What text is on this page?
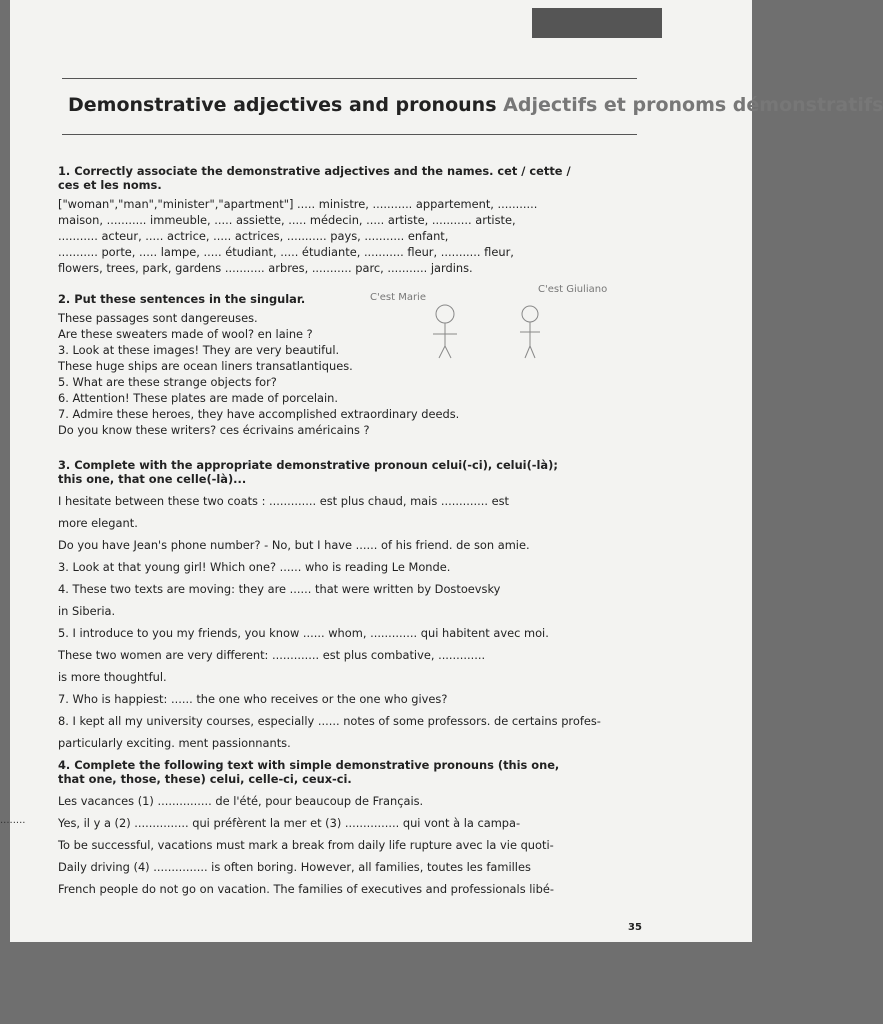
Demonstrative adjectives and pronouns Adjectifs et pronoms démonstratifs
1. Correctly associate the demonstrative adjectives and the names. cet / cette / ces et les noms.
["woman","man","minister","apartment"] ..... ministre, ........... appartement, ...........
maison, ........... immeuble, ..... assiette, ..... médecin, ..... artiste, ........... artiste,
........... acteur, ..... actrice, ..... actrices, ........... pays, ........... enfant,
........... porte, ..... lampe, ..... étudiant, ..... étudiante, ........... fleur, ........... fleur,
flowers, trees, park, gardens ........... arbres, ........... parc, ........... jardins.
2. Put these sentences in the singular.
These passages sont dangereuses.
Are these sweaters made of wool? en laine ?
3. Look at these images! They are very beautiful.
These huge ships are ocean liners transatlantiques.
5. What are these strange objects for?
6. Attention! These plates are made of porcelain.
7. Admire these heroes, they have accomplished extraordinary deeds.
Do you know these writers? ces écrivains américains ?
3. Complete with the appropriate demonstrative pronoun celui(-ci), celui(-là); this one, that one celle(-là)...
I hesitate between these two coats : ............. est plus chaud, mais ............. est
more elegant.
Do you have Jean's phone number? - No, but I have ...... of his friend. de son amie.
3. Look at that young girl! Which one? ...... who is reading Le Monde.
4. These two texts are moving: they are ...... that were written by Dostoevsky
in Siberia.
5. I introduce to you my friends, you know ...... whom, ............. qui habitent avec moi.
These two women are very different: ............. est plus combative, .............
is more thoughtful.
7. Who is happiest: ...... the one who receives or the one who gives?
8. I kept all my university courses, especially ...... notes of some professors. de certains profes-
particularly exciting. ment passionnants.
4. Complete the following text with simple demonstrative pronouns (this one, that one, those, these) celui, celle-ci, ceux-ci.
Les vacances (1) ............... de l'été, pour beaucoup de Français.
Yes, il y a (2) ............... qui préfèrent la mer et (3) ............... qui vont à la campa-
To be successful, vacations must mark a break from daily life rupture avec la vie quoti-
Daily driving (4) ............... is often boring. However, all families, toutes les familles
French people do not go on vacation. The families of executives and professionals libé-
C'est Marie
C'est Giuliano
35
........
